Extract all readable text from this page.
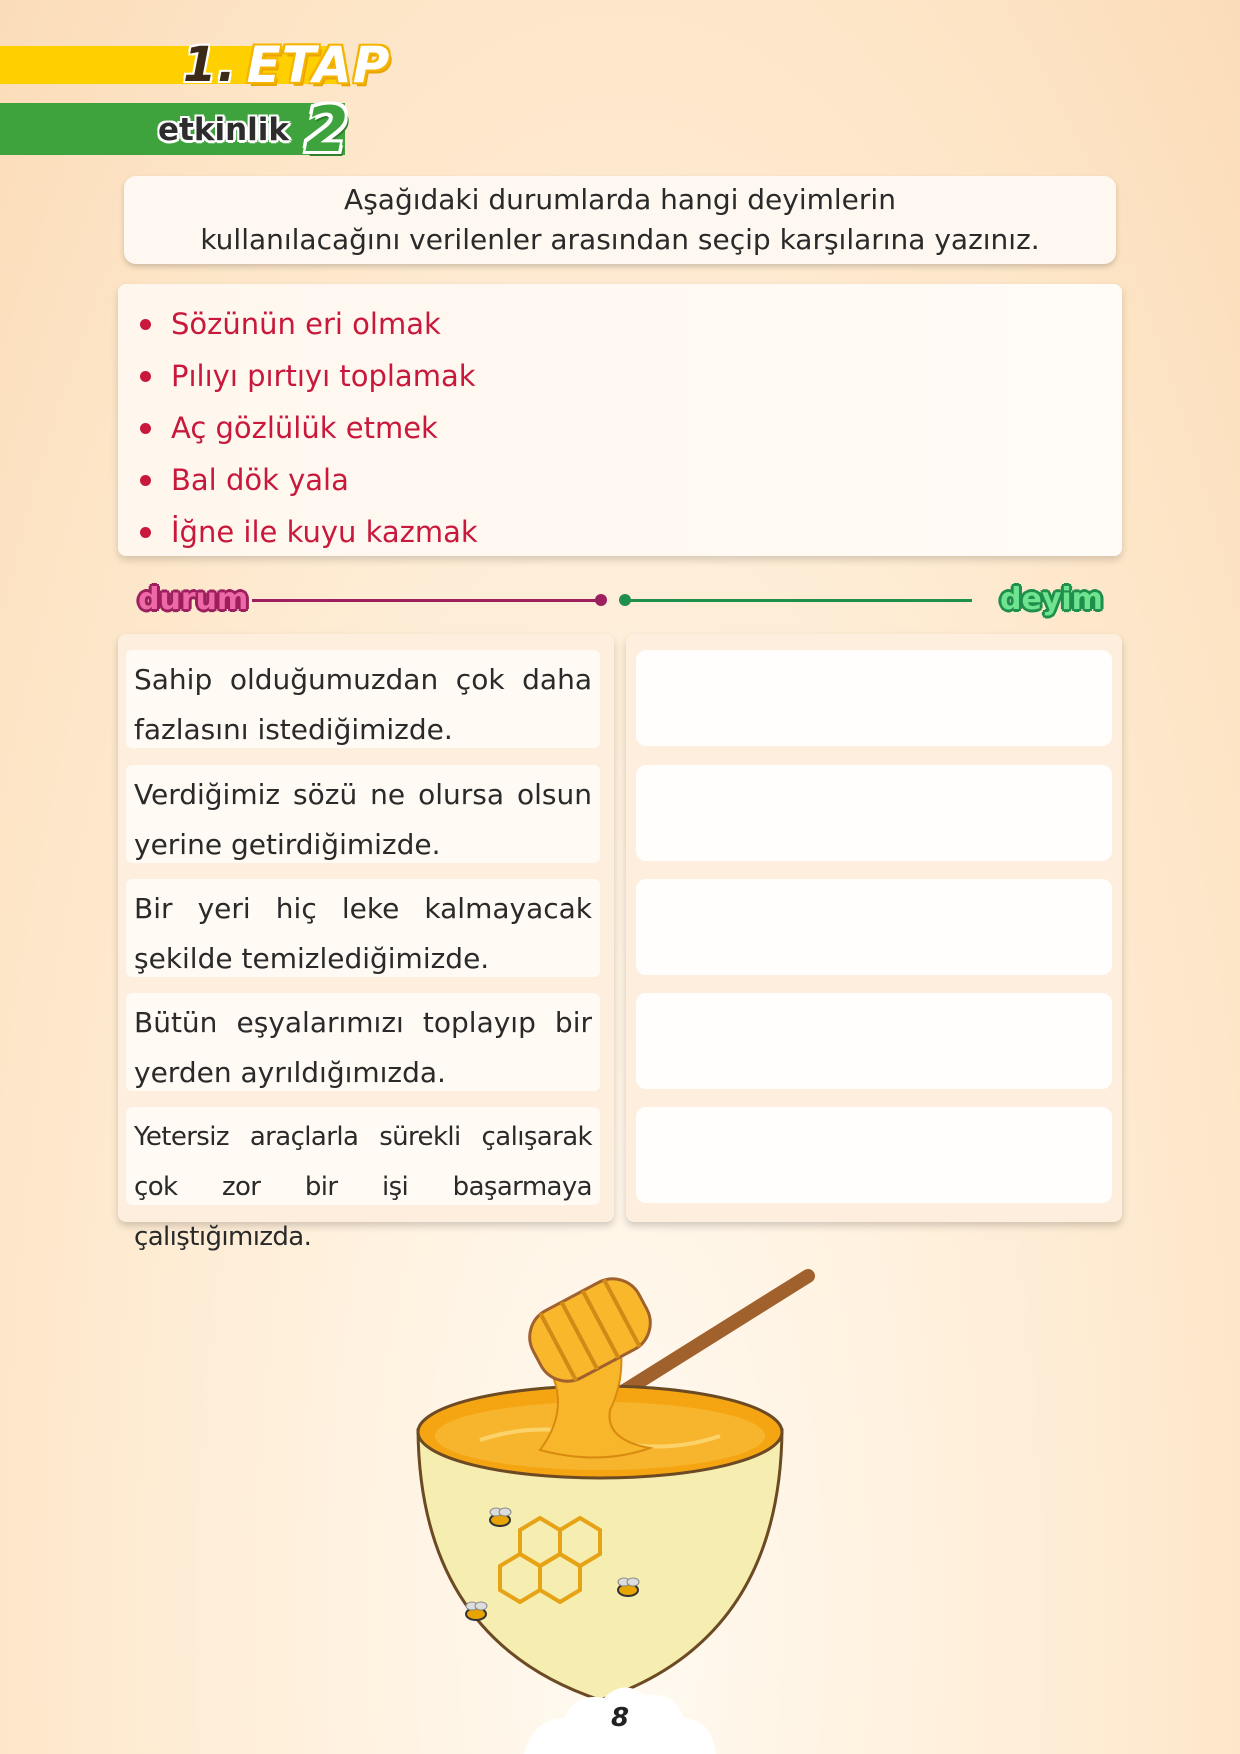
1. ETAP
etkinlik 2
Aşağıdaki durumlarda hangi deyimlerin
kullanılacağını verilenler arasından seçip karşılarına yazınız.
Sözünün eri olmak
Pılıyı pırtıyı toplamak
Aç gözlülük etmek
Bal dök yala
İğne ile kuyu kazmak
durum	deyim
Sahip olduğumuzdan çok daha fazlasını istediğimizde.
Verdiğimiz sözü ne olursa olsun yerine getirdiğimizde.
Bir yeri hiç leke kalmayacak şekilde temizlediğimizde.
Bütün eşyalarımızı toplayıp bir yerden ayrıldığımızda.
Yetersiz araçlarla sürekli çalışarak çok zor bir işi başarmaya çalıştığımızda.
8
